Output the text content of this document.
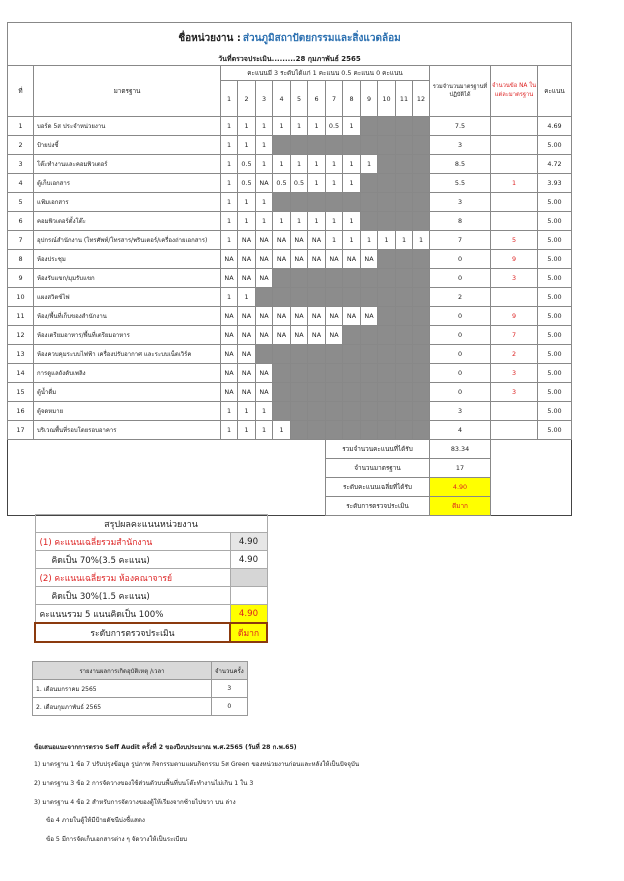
ชื่อหน่วยงาน : ส่วนภูมิสถาปัตยกรรมและสิ่งแวดล้อม																
วันที่ตรวจประเมิน.........28 กุมภาพันธ์ 2565																
ที่	มาตรฐาน	คะแนนมี 3 ระดับได้แก่ 1 คะแนน 0.5 คะแนน 0 คะแนน												รวมจำนวนมาตรฐานที่ปฏิบัติได้	จำนวนข้อ NA ในแต่ละมาตรฐาน	คะแนน
		1	2	3	4	5	6	7	8	9	10	11	12			
1	บอร์ด 5ส ประจำหน่วยงาน	1	1	1	1	1	1	0.5	1					7.5		4.69
2	ป้ายบ่งชี้	1	1	1										3		5.00
3	โต๊ะทำงานและคอมพิวเตอร์	1	0.5	1	1	1	1	1	1	1				8.5		4.72
4	ตู้เก็บเอกสาร	1	0.5	NA	0.5	0.5	1	1	1					5.5	1	3.93
5	แฟ้มเอกสาร	1	1	1										3		5.00
6	คอมพิวเตอร์ตั้งโต๊ะ	1	1	1	1	1	1	1	1					8		5.00
7	อุปกรณ์สำนักงาน (โทรศัพท์/โทรสาร/พรินเตอร์/เครื่องถ่ายเอกสาร)	1	NA	NA	NA	NA	NA	1	1	1	1	1	1	7	5	5.00
8	ห้องประชุม	NA	NA	NA	NA	NA	NA	NA	NA	NA				0	9	5.00
9	ห้องรับแขก/มุมรับแขก	NA	NA	NA										0	3	5.00
10	แผงสวิตช์ไฟ	1	1											2		5.00
11	ห้อง/พื้นที่เก็บของสำนักงาน	NA	NA	NA	NA	NA	NA	NA	NA	NA				0	9	5.00
12	ห้องเตรียมอาหาร/พื้นที่เตรียมอาหาร	NA	NA	NA	NA	NA	NA	NA						0	7	5.00
13	ห้องควบคุมระบบไฟฟ้า เครื่องปรับอากาศ และระบบเน็ตเวิร์ค	NA	NA											0	2	5.00
14	การดูแลถังดับเพลิง	NA	NA	NA										0	3	5.00
15	ตู้น้ำดื่ม	NA	NA	NA										0	3	5.00
16	ตู้จดหมาย	1	1	1										3		5.00
17	บริเวณพื้นที่รอบโดยรอบอาคาร	1	1	1	1									4		5.00
								รวมจำนวนคะแนนที่ได้รับ						83.34		
								จำนวนมาตรฐาน						17		
								ระดับคะแนนเฉลี่ยที่ได้รับ						4.90		
								ระดับการตรวจประเมิน						ดีมาก		
สรุปผลคะแนนหน่วยงาน	
(1) คะแนนเฉลี่ยรวมสำนักงาน	4.90
คิดเป็น 70%(3.5 คะแนน)	4.90
(2) คะแนนเฉลี่ยรวม ห้องคณาจารย์	
คิดเป็น 30%(1.5 คะแนน)	
คะแนนรวม 5 แนนคิดเป็น 100%	4.90
ระดับการตรวจประเมิน	ดีมาก
รายงานผลการเกิดอุบัติเหตุ /เวลา	จำนวนครั้ง
1. เดือนมกราคม 2565	3
2. เดือนกุมภาพันธ์ 2565	0
ข้อเสนอแนะจากการตรวจ Seff Audit ครั้งที่ 2 ของปีงบประมาณ พ.ศ.2565 (วันที่ 28 ก.พ.65)
1) มาตรฐาน 1 ข้อ 7 ปรับปรุงข้อมูล รูปภาพ กิจกรรมตามแผนกิจกรรม 5ส Green ของหน่วยงานก่อนและหลังให้เป็นปัจจุบัน
2) มาตรฐาน 3 ข้อ 2 การจัดวางของใช้ส่วนตัวบนพื้นที่บนโต๊ะทำงานไม่เกิน 1 ใน 3
3) มาตรฐาน 4 ข้อ 2 สำหรับการจัดวางของตู้ให้เรียงจากซ้ายไปขวา บน ล่าง
ข้อ 4 ภายในตู้ให้มีป้ายดัชนีบ่งชี้แสดง
ข้อ 5 มีการจัดเก็บเอกสารต่าง ๆ จัดวางให้เป็นระเบียบ
